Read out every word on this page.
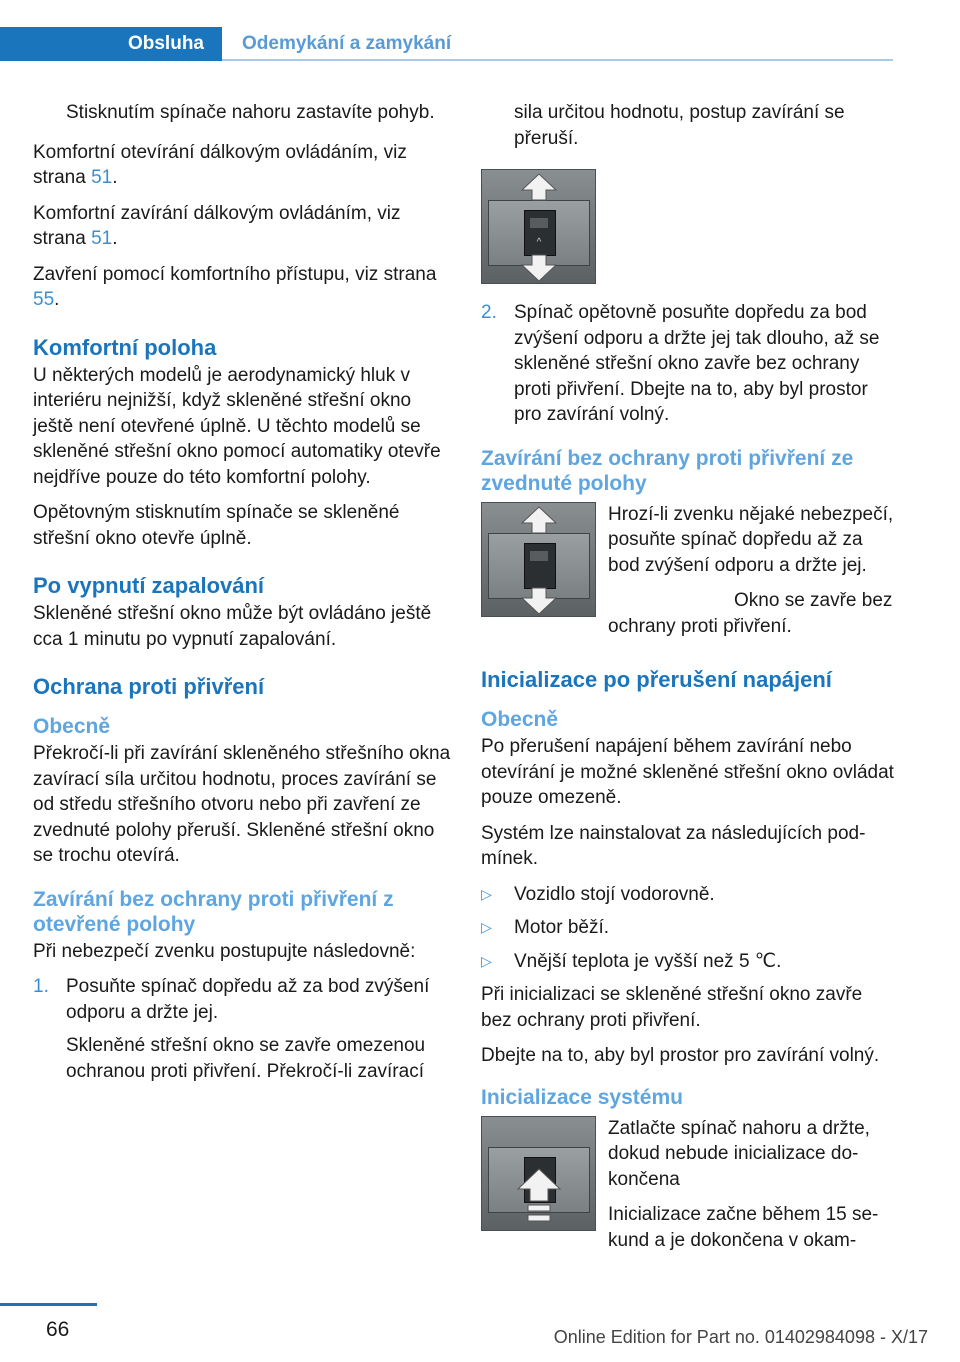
Obsluha	Odemykání a zamykání

Stisknutím spínače nahoru zastavíte pohyb.

Komfortní otevírání dálkovým ovládáním, viz strana 51.

Komfortní zavírání dálkovým ovládáním, viz strana 51.

Zavření pomocí komfortního přístupu, viz strana 55.

Komfortní poloha

U některých modelů je aerodynamický hluk v interiéru nejnižší, když skleněné střešní okno ještě není otevřené úplně. U těchto modelů se skleněné střešní okno pomocí automatiky otevře nejdříve pouze do této komfortní polohy.

Opětovným stisknutím spínače se skleněné střešní okno otevře úplně.

Po vypnutí zapalování

Skleněné střešní okno může být ovládáno ještě cca 1 minutu po vypnutí zapalování.

Ochrana proti přivření
Obecně

Překročí-li při zavírání skleněného střešního okna zavírací síla určitou hodnotu, proces zavírání se od středu střešního otvoru nebo při zavření ze zvednuté polohy přeruší. Skleněné střešní okno se trochu otevírá.

Zavírání bez ochrany proti přivření z otevřené polohy

Při nebezpečí zvenku postupujte následovně:

1. Posuňte spínač dopředu až za bod zvýšení odporu a držte jej.
Skleněné střešní okno se zavře omezenou ochranou proti přivření. Překročí-li zavírací

sila určitou hodnotu, postup zavírání se přeruší.

^
2. Spínač opětovně posuňte dopředu za bod zvýšení odporu a držte jej tak dlouho, až se skleněné střešní okno zavře bez ochrany proti přivření. Dbejte na to, aby byl prostor pro zavírání volný.
Zavírání bez ochrany proti přivření ze zvednuté polohy

Hrozí-li zvenku nějaké nebezpečí, posuňte spínač dopředu až za bod zvýšení odporu a držte jej.

Okno se zavře bez ochrany proti přivření.

Inicializace po přerušení napájení
Obecně

Po přerušení napájení během zavírání nebo otevírání je možné skleněné střešní okno ovládat pouze omezeně.

Systém lze nainstalovat za následujících podmínek.

▷	Vozidlo stojí vodorovně.
▷	Motor běží.
▷	Vnější teplota je vyšší než 5 ℃.

Při inicializaci se skleněné střešní okno zavře bez ochrany proti přivření.

Dbejte na to, aby byl prostor pro zavírání volný.

Inicializace systému

Zatlačte spínač nahoru a držte, dokud nebude inicializace dokončena

Inicializace začne během 15 sekund a je dokončena v okam-

66	Online Edition for Part no. 01402984098 - X/17
